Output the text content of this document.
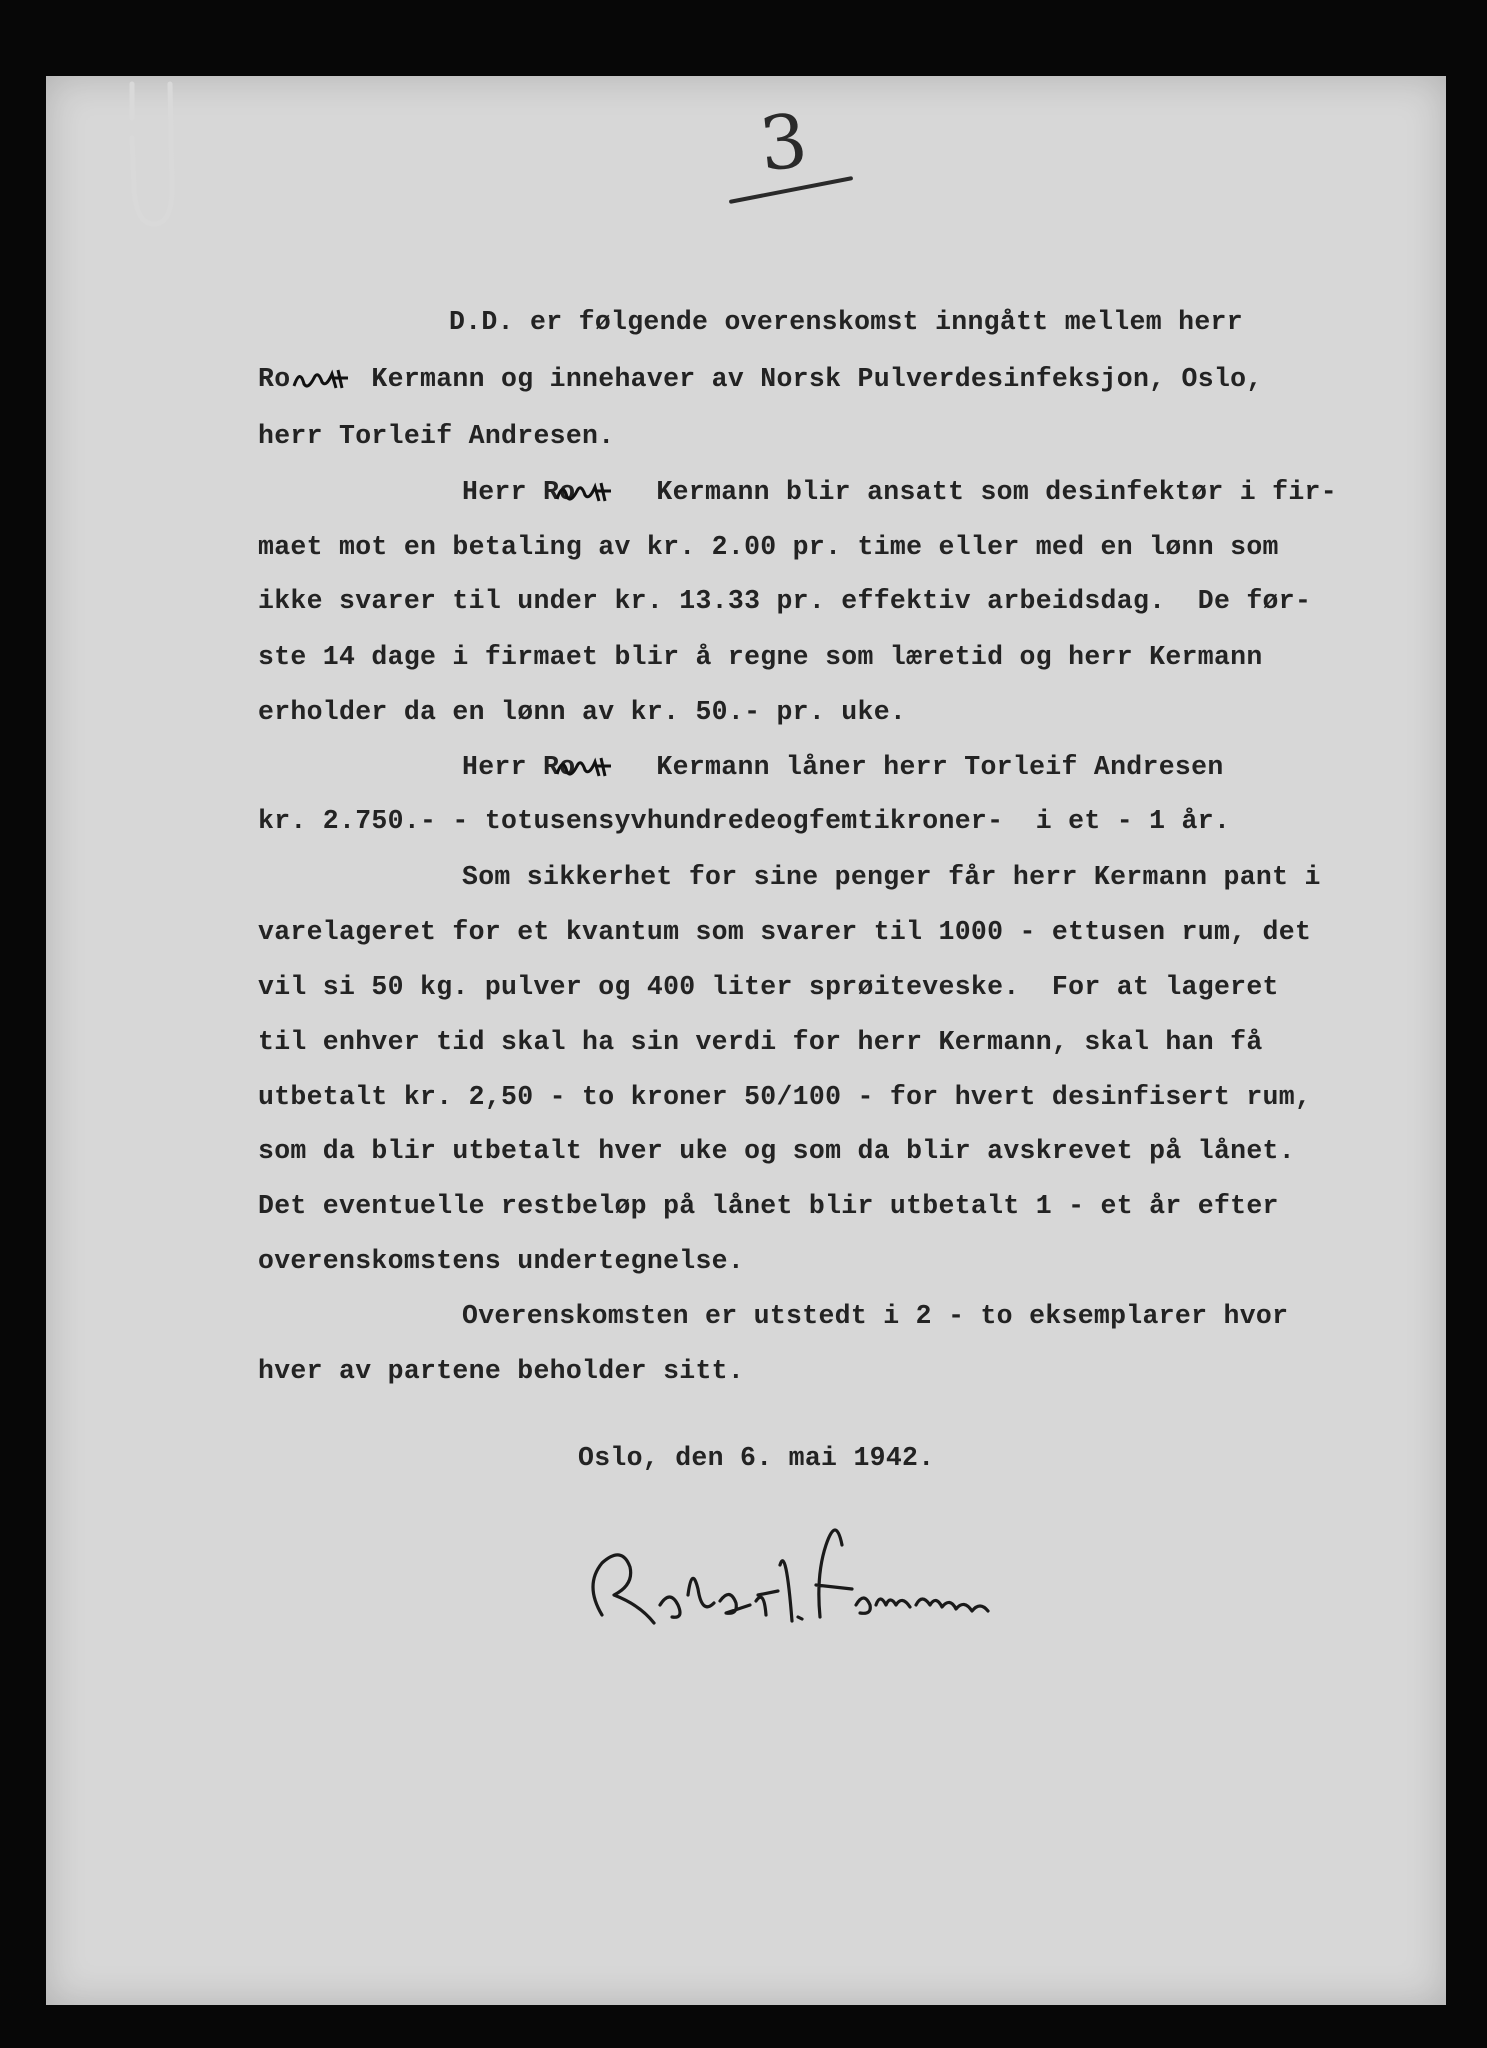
3
D.D. er følgende overenskomst inngått mellem herr
Ro     Kermann og innehaver av Norsk Pulverdesinfeksjon, Oslo,
herr Torleif Andresen.
Herr Ro     Kermann blir ansatt som desinfektør i fir-
maet mot en betaling av kr. 2.00 pr. time eller med en lønn som
ikke svarer til under kr. 13.33 pr. effektiv arbeidsdag.  De før-
ste 14 dage i firmaet blir å regne som læretid og herr Kermann
erholder da en lønn av kr. 50.- pr. uke.
Herr Ro     Kermann låner herr Torleif Andresen
kr. 2.750.- - totusensyvhundredeogfemtikroner-  i et - 1 år.
Som sikkerhet for sine penger får herr Kermann pant i
varelageret for et kvantum som svarer til 1000 - ettusen rum, det
vil si 50 kg. pulver og 400 liter sprøiteveske.  For at lageret
til enhver tid skal ha sin verdi for herr Kermann, skal han få
utbetalt kr. 2,50 - to kroner 50/100 - for hvert desinfisert rum,
som da blir utbetalt hver uke og som da blir avskrevet på lånet.
Det eventuelle restbeløp på lånet blir utbetalt 1 - et år efter
overenskomstens undertegnelse.
Overenskomsten er utstedt i 2 - to eksemplarer hvor
hver av partene beholder sitt.
Oslo, den 6. mai 1942.
